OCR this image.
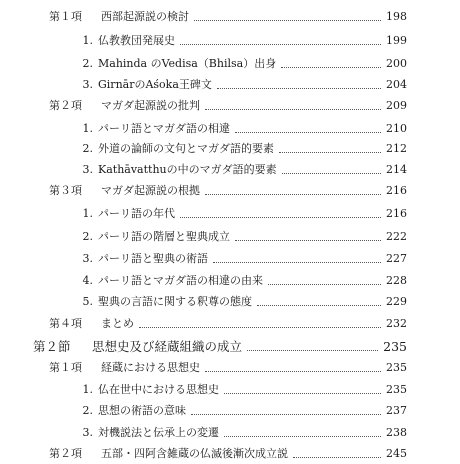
第１項 西部起源説の検討	198
1. 仏教教団発展史	199
2. Mahinda のVedisa（Bhilsa）出身	200
3. GirnārのAśoka王碑文	204
第２項 マガダ起源説の批判	209
1. パーリ語とマガダ語の相違	210
2. 外道の論師の文句とマガダ語的要素	212
3. Kathāvatthuの中のマガダ語的要素	214
第３項 マガダ起源説の根拠	216
1. パーリ語の年代	216
2. パーリ語の階層と聖典成立	222
3. パーリ語と聖典の術語	227
4. パーリ語とマガダ語の相違の由来	228
5. 聖典の言語に関する釈尊の態度	229
第４項 まとめ	232
第２節 思想史及び経蔵組織の成立	235
第１項 経蔵における思想史	235
1. 仏在世中における思想史	235
2. 思想の術語の意味	237
3. 対機説法と伝承上の変遷	238
第２項 五部・四阿含雑蔵の仏滅後漸次成立説	245
